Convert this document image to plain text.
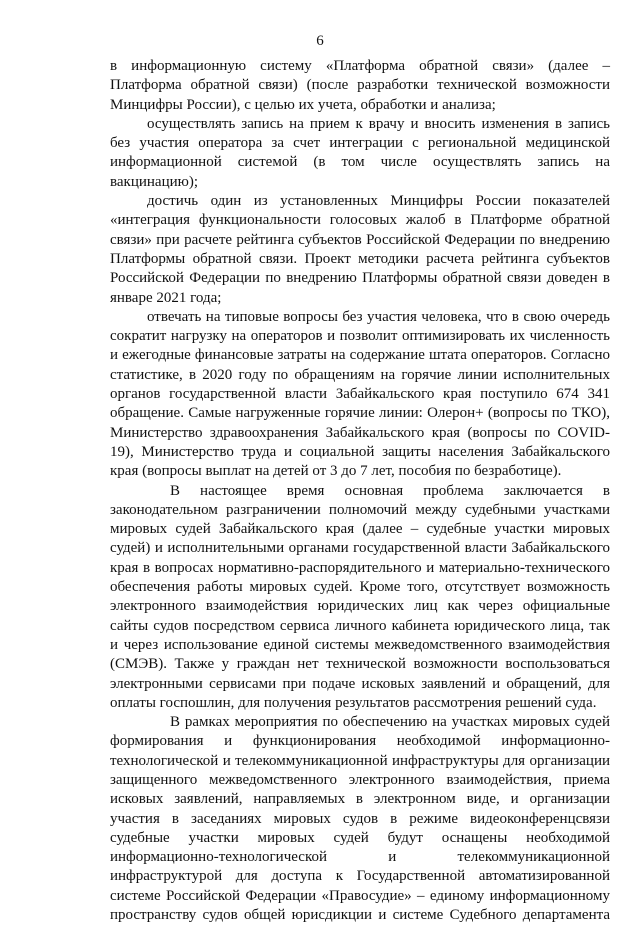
6
в информационную систему «Платформа обратной связи» (далее –
Платформа обратной связи) (после разработки технической возможности
Минцифры России), с целью их учета, обработки и анализа;
осуществлять запись на прием к врачу и вносить изменения в запись
без участия оператора за счет интеграции с региональной медицинской
информационной системой (в том числе осуществлять запись на
вакцинацию);
достичь один из установленных Минцифры России показателей
«интеграция функциональности голосовых жалоб в Платформе обратной
связи» при расчете рейтинга субъектов Российской Федерации по внедрению
Платформы обратной связи. Проект методики расчета рейтинга субъектов
Российской Федерации по внедрению Платформы обратной связи доведен в
январе 2021 года;
отвечать на типовые вопросы без участия человека, что в свою очередь
сократит нагрузку на операторов и позволит оптимизировать их численность
и ежегодные финансовые затраты на содержание штата операторов. Согласно
статистике, в 2020 году по обращениям на горячие линии исполнительных
органов государственной власти Забайкальского края поступило 674 341
обращение. Самые нагруженные горячие линии: Олерон+ (вопросы по ТКО),
Министерство здравоохранения Забайкальского края (вопросы по COVID-
19), Министерство труда и социальной защиты населения Забайкальского
края (вопросы выплат на детей от 3 до 7 лет, пособия по безработице).
В настоящее время основная проблема заключается в
законодательном разграничении полномочий между судебными участками
мировых судей Забайкальского края (далее – судебные участки мировых
судей) и исполнительными органами государственной власти Забайкальского
края в вопросах нормативно-распорядительного и материально-технического
обеспечения работы мировых судей. Кроме того, отсутствует возможность
электронного взаимодействия юридических лиц как через официальные
сайты судов посредством сервиса личного кабинета юридического лица, так
и через использование единой системы межведомственного взаимодействия
(СМЭВ). Также у граждан нет технической возможности воспользоваться
электронными сервисами при подаче исковых заявлений и обращений, для
оплаты госпошлин, для получения результатов рассмотрения решений суда.
В рамках мероприятия по обеспечению на участках мировых судей
формирования и функционирования необходимой информационно-
технологической и телекоммуникационной инфраструктуры для организации
защищенного межведомственного электронного взаимодействия, приема
исковых заявлений, направляемых в электронном виде, и организации
участия в заседаниях мировых судов в режиме видеоконференцсвязи
судебные участки мировых судей будут оснащены необходимой
информационно-технологической и телекоммуникационной
инфраструктурой для доступа к Государственной автоматизированной
системе Российской Федерации «Правосудие» – единому информационному
пространству судов общей юрисдикции и системе Судебного департамента
